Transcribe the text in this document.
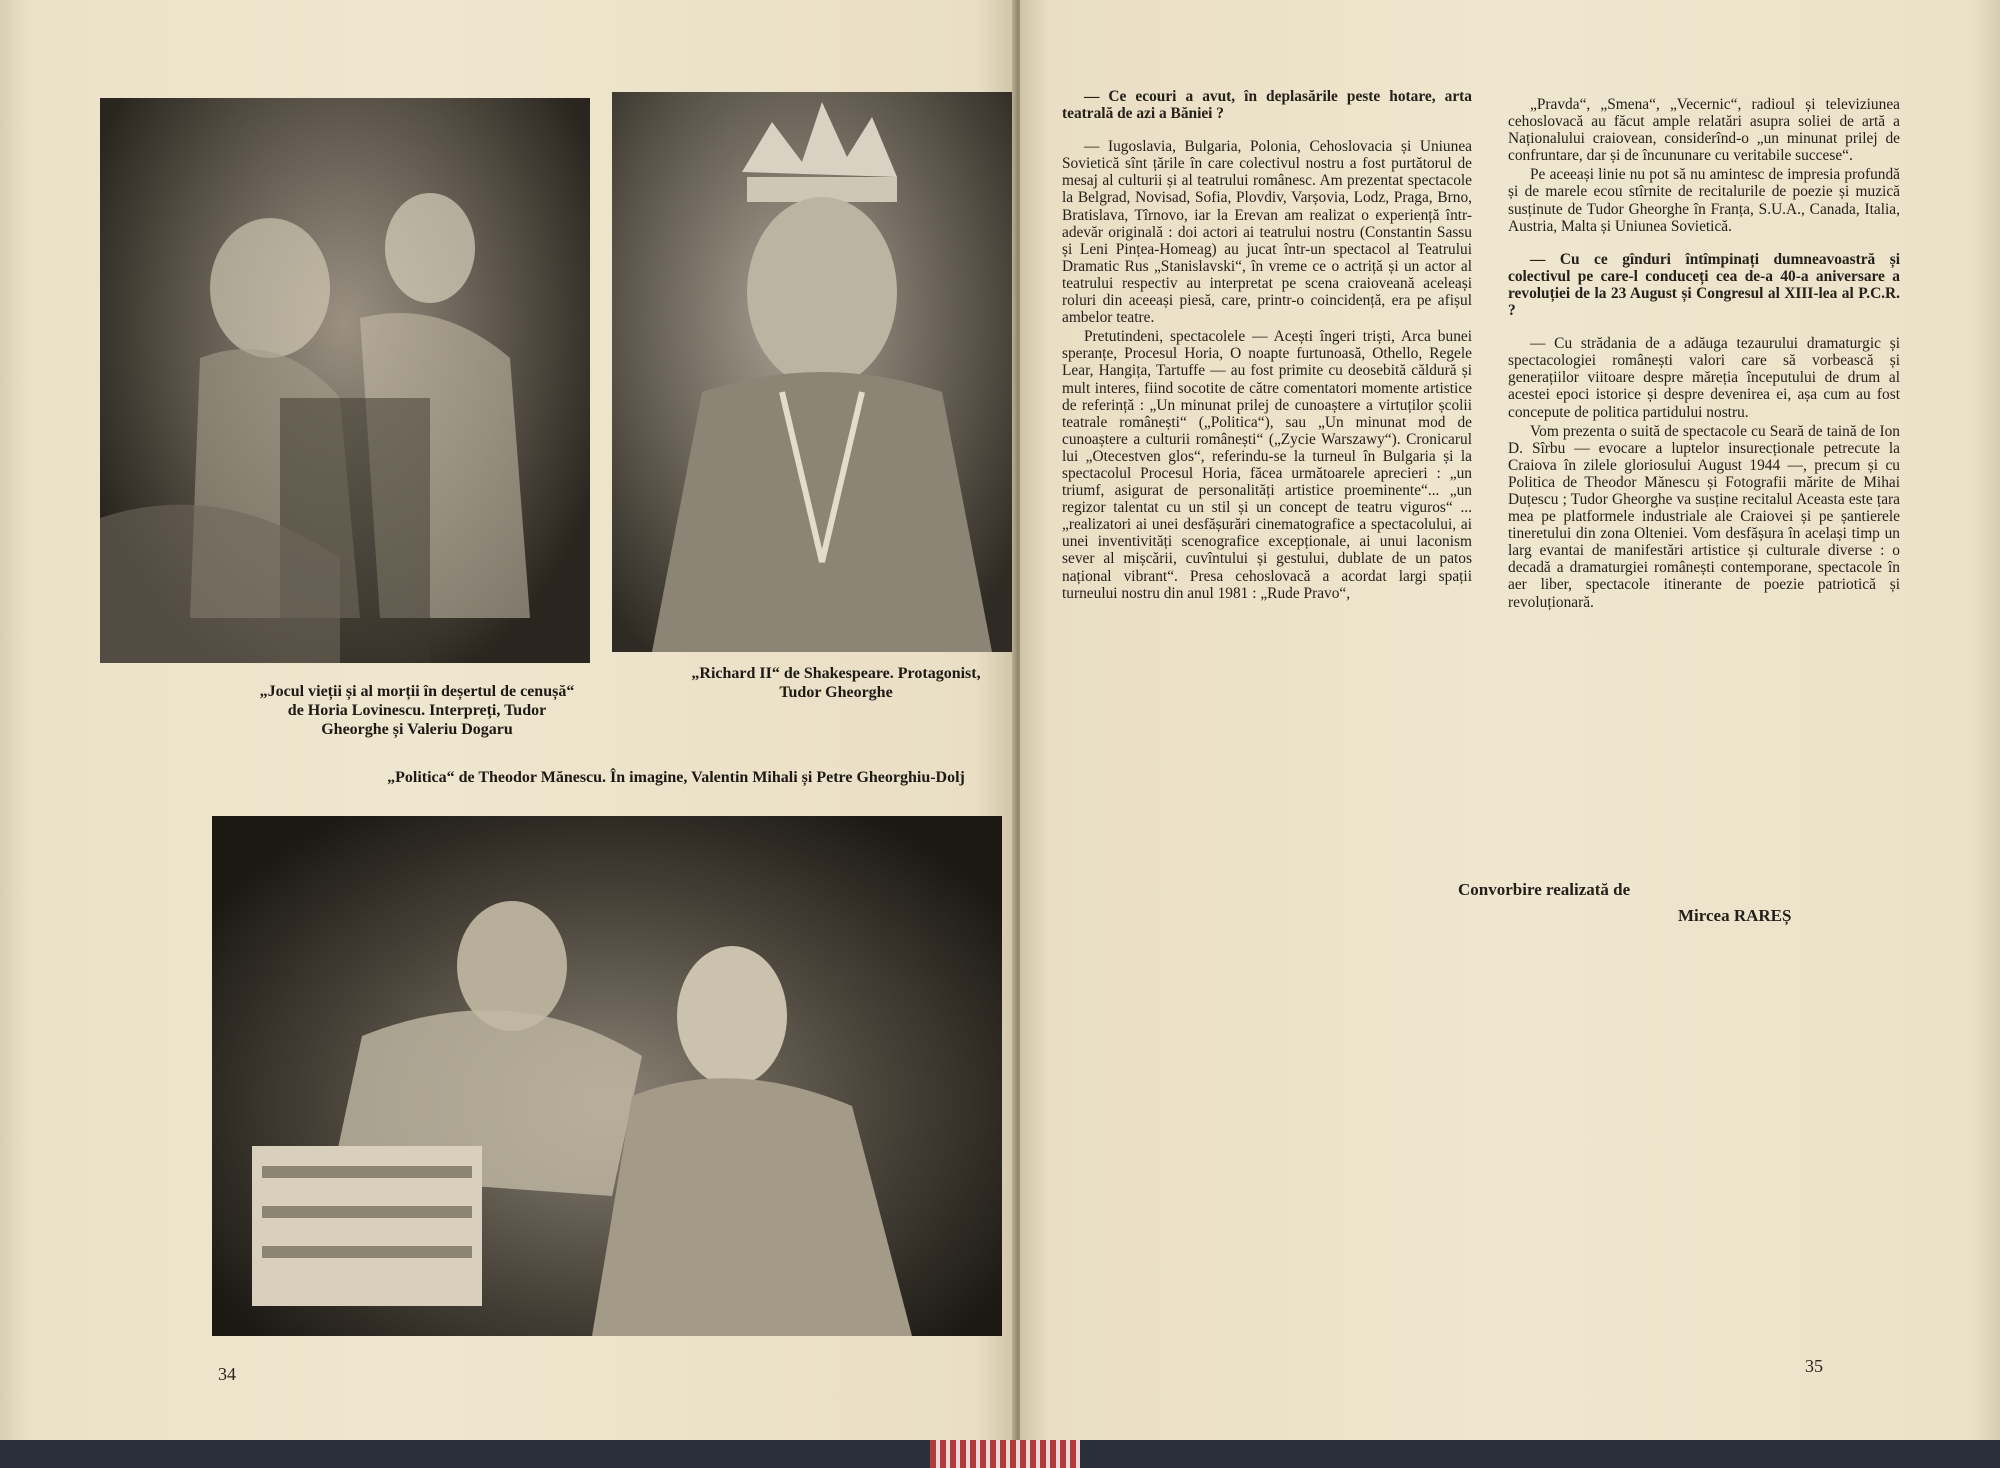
„Jocul vieții și al morții în deșertul de cenușă“ de Horia Lovinescu. Interpreți, Tudor Gheorghe și Valeriu Dogaru
„Richard II“ de Shakespeare. Protagonist, Tudor Gheorghe
„Politica“ de Theodor Mănescu. În imagine, Valentin Mihali și Petre Gheorghiu-Dolj
34

— Ce ecouri a avut, în deplasările peste hotare, arta teatrală de azi a Băniei ?

— Iugoslavia, Bulgaria, Polonia, Cehoslovacia și Uniunea Sovietică sînt țările în care colectivul nostru a fost purtătorul de mesaj al culturii și al teatrului românesc. Am prezentat spectacole la Belgrad, Novisad, Sofia, Plovdiv, Varșovia, Lodz, Praga, Brno, Bratislava, Tîrnovo, iar la Erevan am realizat o experiență într-adevăr originală : doi actori ai teatrului nostru (Constantin Sassu și Leni Pințea-Homeag) au jucat într-un spectacol al Teatrului Dramatic Rus „Stanislavski“, în vreme ce o actriță și un actor al teatrului respectiv au interpretat pe scena craioveană aceleași roluri din aceeași piesă, care, printr-o coincidență, era pe afișul ambelor teatre.

Pretutindeni, spectacolele — Acești îngeri triști, Arca bunei speranțe, Procesul Horia, O noapte furtunoasă, Othello, Regele Lear, Hangița, Tartuffe — au fost primite cu deosebită căldură și mult interes, fiind socotite de către comentatori momente artistice de referință : „Un minunat prilej de cunoaștere a virtuților școlii teatrale românești“ („Politica“), sau „Un minunat mod de cunoaștere a culturii românești“ („Zycie Warszawy“). Cronicarul lui „Otecestven glos“, referindu-se la turneul în Bulgaria și la spectacolul Procesul Horia, făcea următoarele aprecieri : „un triumf, asigurat de personalități artistice proeminente“... „un regizor talentat cu un stil și un concept de teatru viguros“ ... „realizatori ai unei desfășurări cinematografice a spectacolului, ai unei inventivități scenografice excepționale, ai unui laconism sever al mișcării, cuvîntului și gestului, dublate de un patos național vibrant“. Presa cehoslovacă a acordat largi spații turneului nostru din anul 1981 : „Rude Pravo“,

„Pravda“, „Smena“, „Vecernic“, radioul și televiziunea cehoslovacă au făcut ample relatări asupra soliei de artă a Naționalului craiovean, considerînd-o „un minunat prilej de confruntare, dar și de încununare cu veritabile succese“.

Pe aceeași linie nu pot să nu amintesc de impresia profundă și de marele ecou stîrnite de recitalurile de poezie și muzică susținute de Tudor Gheorghe în Franța, S.U.A., Canada, Italia, Austria, Malta și Uniunea Sovietică.

— Cu ce gînduri întîmpinați dumneavoastră și colectivul pe care-l conduceți cea de-a 40-a aniversare a revoluției de la 23 August și Congresul al XIII-lea al P.C.R. ?

— Cu strădania de a adăuga tezaurului dramaturgic și spectacologiei românești valori care să vorbească și generațiilor viitoare despre măreția începutului de drum al acestei epoci istorice și despre devenirea ei, așa cum au fost concepute de politica partidului nostru.

Vom prezenta o suită de spectacole cu Seară de taină de Ion D. Sîrbu — evocare a luptelor insurecționale petrecute la Craiova în zilele gloriosului August 1944 —, precum și cu Politica de Theodor Mănescu și Fotografii mărite de Mihai Duțescu ; Tudor Gheorghe va susține recitalul Aceasta este țara mea pe platformele industriale ale Craiovei și pe șantierele tineretului din zona Olteniei. Vom desfășura în același timp un larg evantai de manifestări artistice și culturale diverse : o decadă a dramaturgiei românești contemporane, spectacole în aer liber, spectacole itinerante de poezie patriotică și revoluționară.

Convorbire realizată de
Mircea RAREȘ
35
